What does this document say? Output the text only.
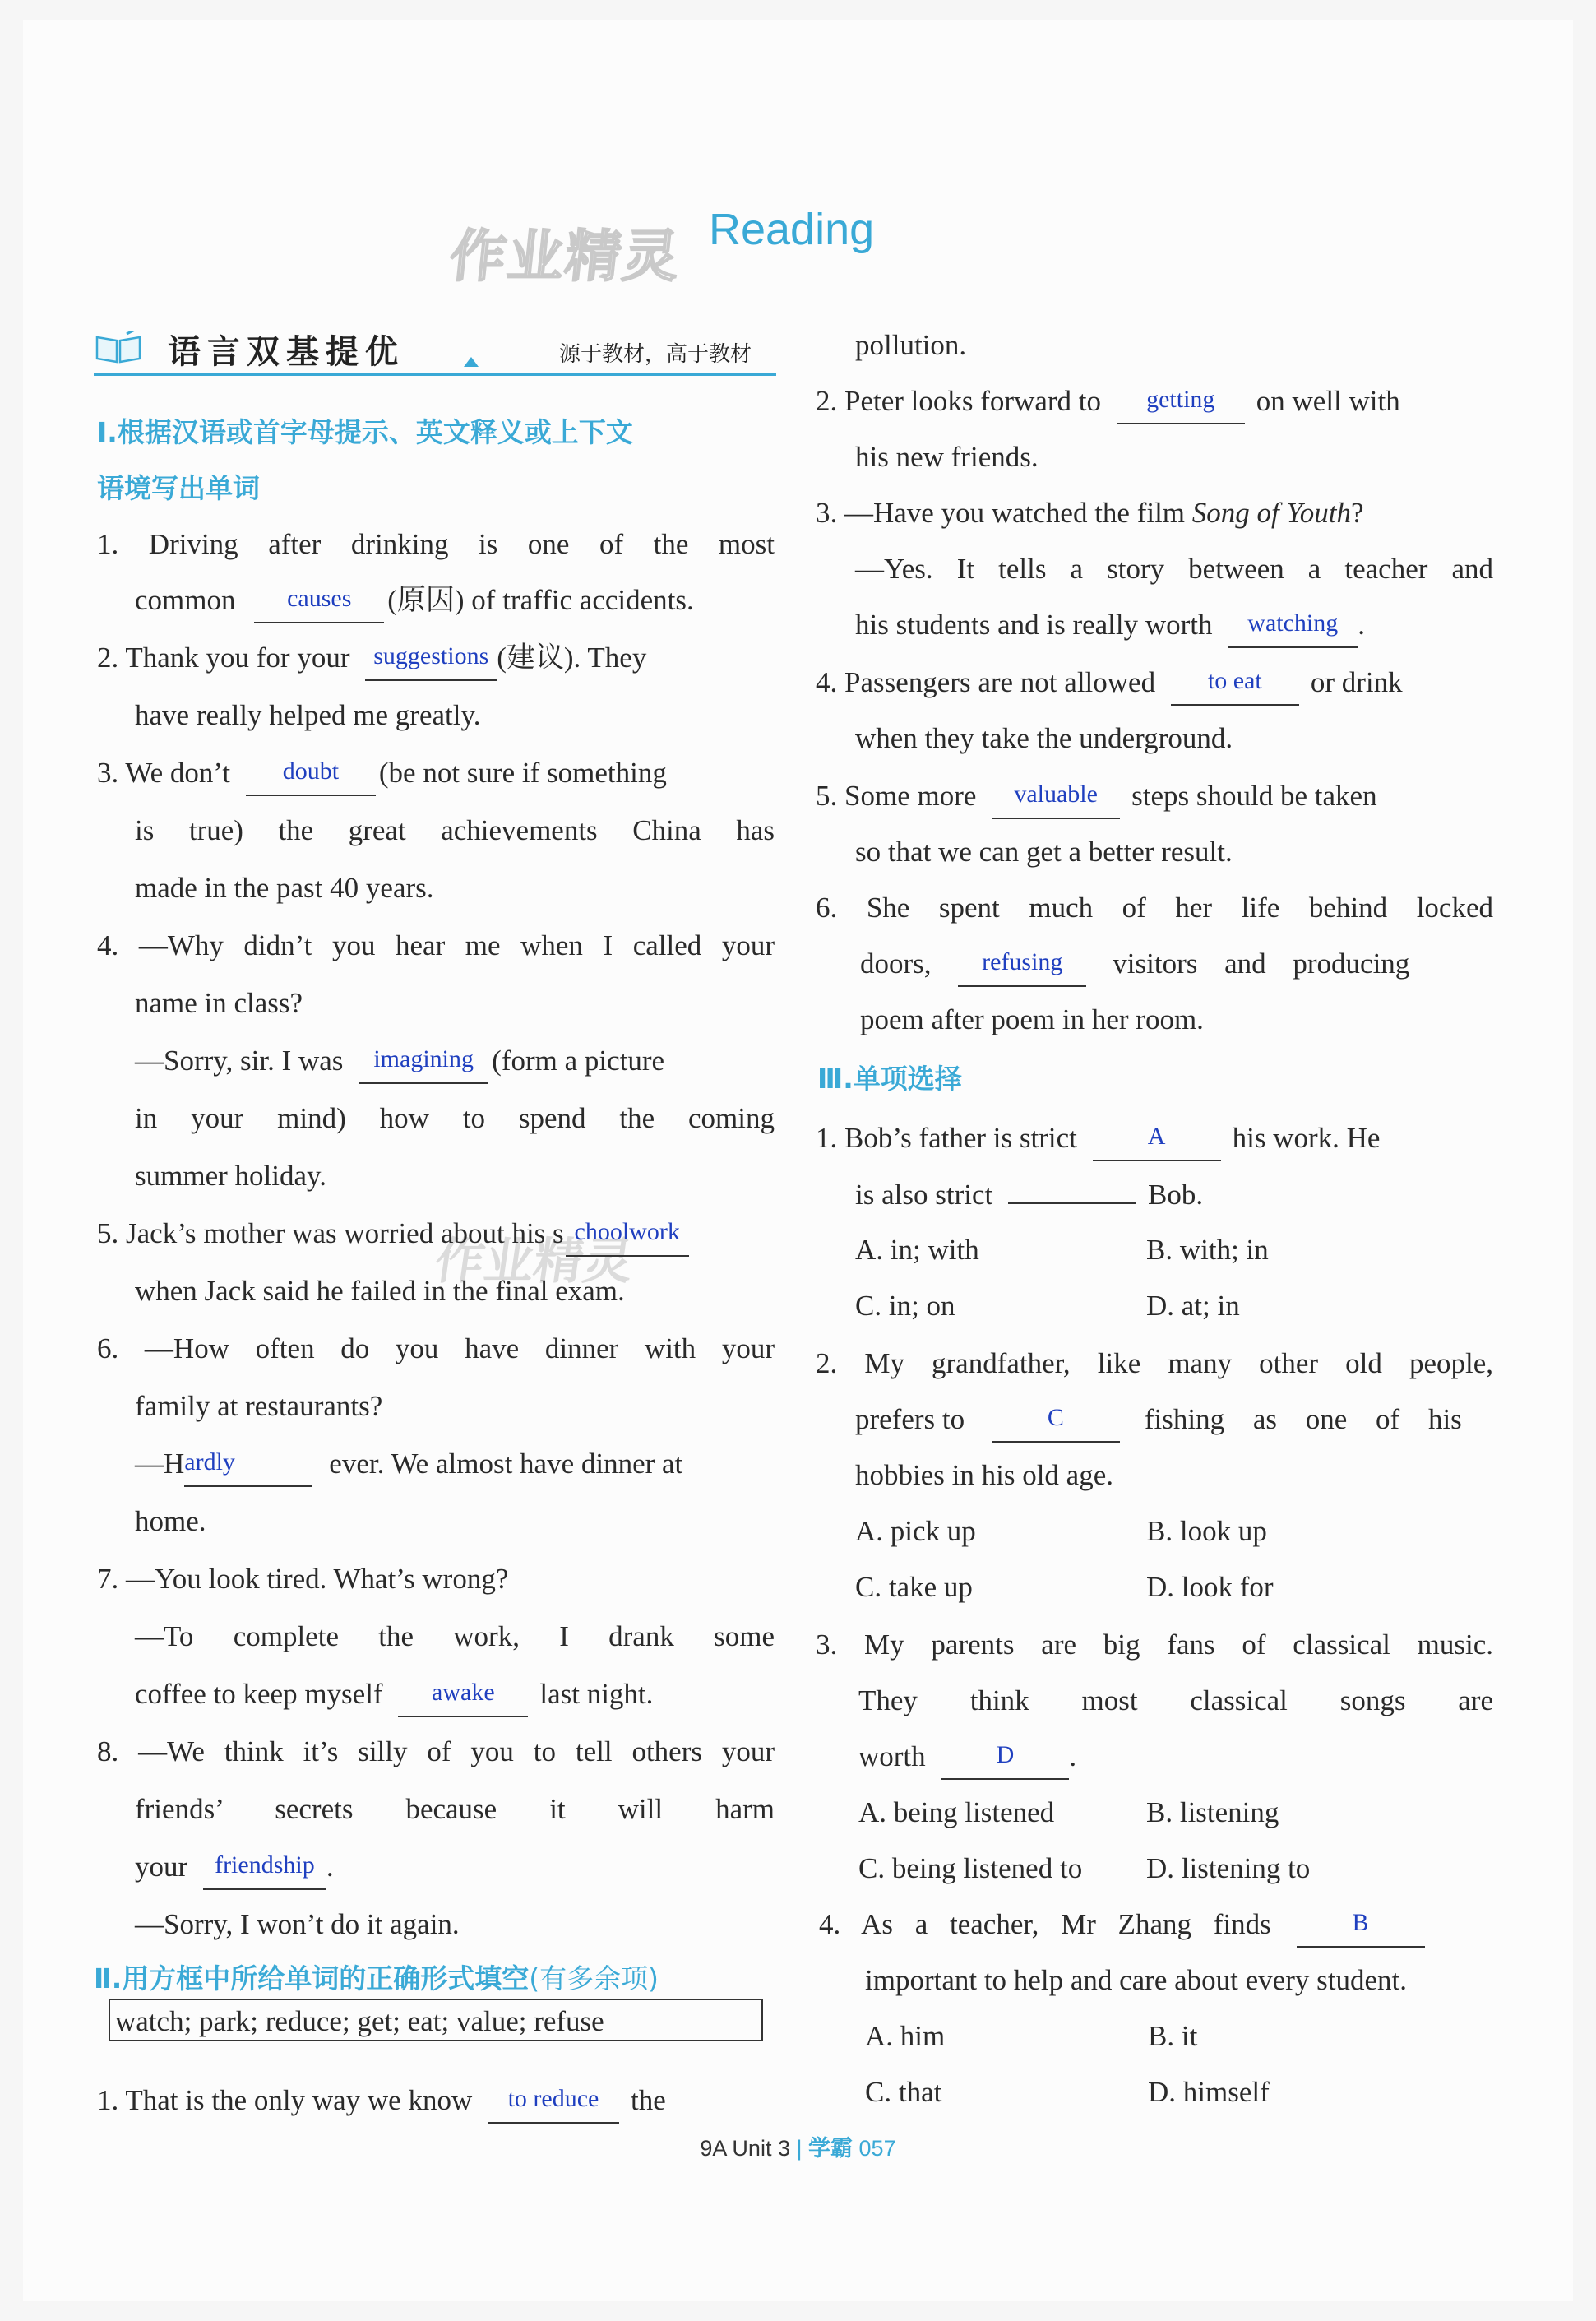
作业精灵 Reading
作业精灵
语言双基提优	源于教材，高于教材
Ⅰ.根据汉语或首字母提示、英文释义或上下文
语境写出单词
1. Driving after drinking is one of the most
common causes (原因) of traffic accidents.
2. Thank you for your suggestions (建议). They
have really helped me greatly.
3. We don’t doubt (be not sure if something
is true) the great achievements China has
made in the past 40 years.
4. —Why didn’t you hear me when I called your
name in class?
—Sorry, sir. I was imagining (form a picture
in your mind) how to spend the coming
summer holiday.
5. Jack’s mother was worried about his s choolwork
when Jack said he failed in the final exam.
6. —How often do you have dinner with your
family at restaurants?
—Hardly	ever. We almost have dinner at
home.
7. —You look tired. What’s wrong?
—To complete the work, I drank some
coffee to keep myself awake last night.
8. —We think it’s silly of you to tell others your
friends’ secrets because it will harm
your friendship .
—Sorry, I won’t do it again.
Ⅱ.用方框中所给单词的正确形式填空(有多余项)
watch; park; reduce; get; eat; value; refuse
1. That is the only way we know to reduce the
pollution.
2. Peter looks forward to getting on well with
his new friends.
3. —Have you watched the film Song of Youth?
—Yes. It tells a story between a teacher and
his students and is really worth watching .
4. Passengers are not allowed to eat or drink
when they take the underground.
5. Some more valuable steps should be taken
so that we can get a better result.
6. She spent much of her life behind locked
doors, refusing visitors and producing
poem after poem in her room.
Ⅲ.单项选择
1. Bob’s father is strict	A his work. He
is also strict	Bob.
A. in; with	B. with; in
C. in; on	D. at; in
2. My grandfather, like many other old people,
prefers to	C	fishing as one of his
hobbies in his old age.
A. pick up	B. look up
C. take up	D. look for
3. My parents are big fans of classical music.
They think most classical songs are
worth	D .
A. being listened	B. listening
C. being listened to D. listening to
4. As a teacher, Mr Zhang finds	B
important to help and care about every student.
A. him	B. it
C. that	D. himself
9A Unit 3 | 学霸 057
